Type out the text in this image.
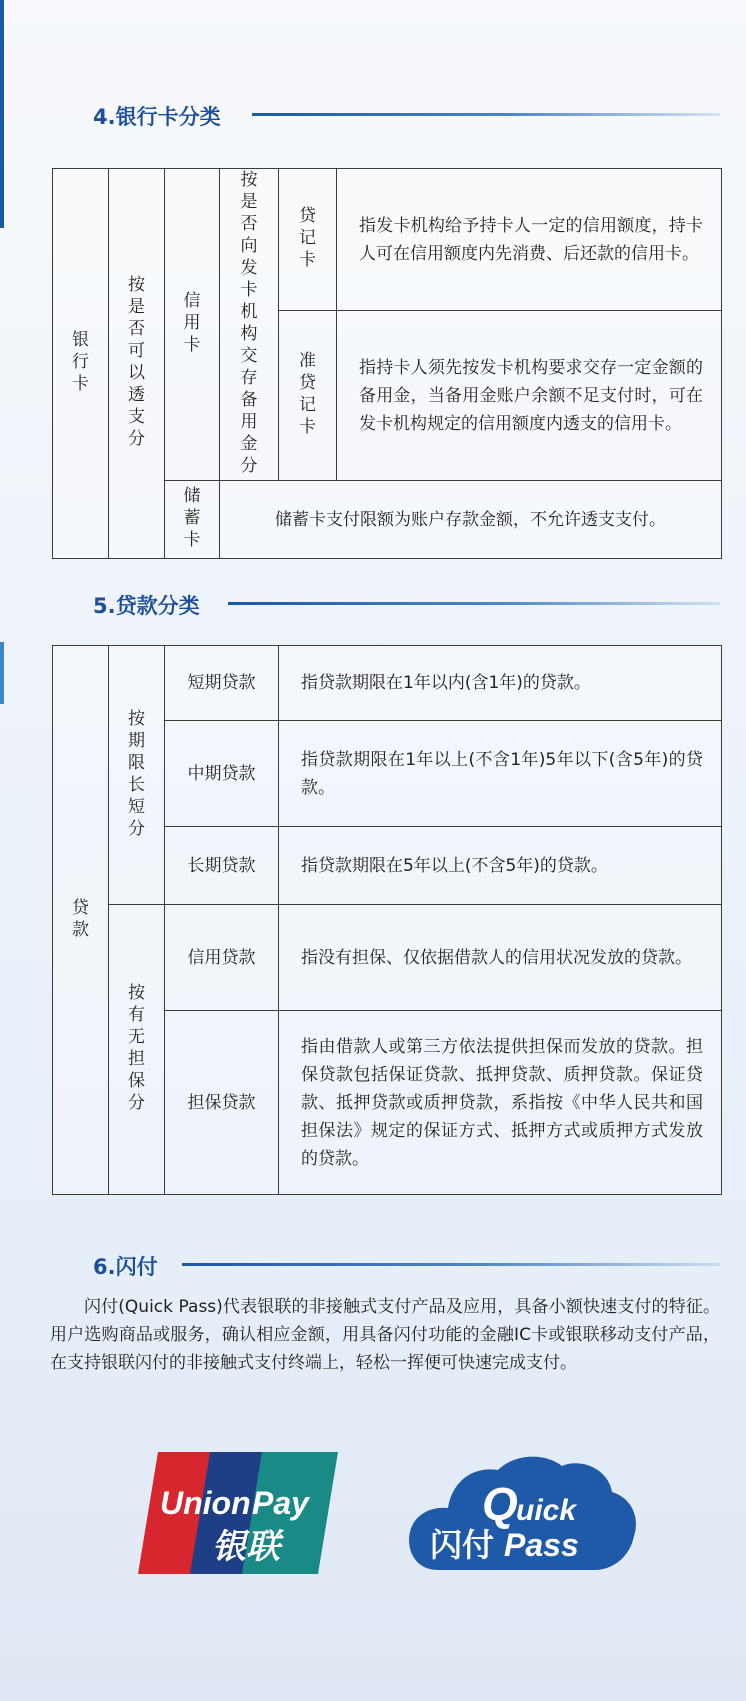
4.银行卡分类
银行卡	按是否可以透支分	信用卡	按是否向发卡机构交存备用金分	贷记卡	指发卡机构给予持卡人一定的信用额度，持卡人可在信用额度内先消费、后还款的信用卡。
				准贷记卡	指持卡人须先按发卡机构要求交存一定金额的备用金，当备用金账户余额不足支付时，可在发卡机构规定的信用额度内透支的信用卡。
		储蓄卡	储蓄卡支付限额为账户存款金额，不允许透支支付。		
5.贷款分类
贷款	按期限长短分	短期贷款	指贷款期限在1年以内(含1年)的贷款。
		中期贷款	指贷款期限在1年以上(不含1年)5年以下(含5年)的贷款。
		长期贷款	指贷款期限在5年以上(不含5年)的贷款。
	按有无担保分	信用贷款	指没有担保、仅依据借款人的信用状况发放的贷款。
		担保贷款	指由借款人或第三方依法提供担保而发放的贷款。担保贷款包括保证贷款、抵押贷款、质押贷款。保证贷款、抵押贷款或质押贷款，系指按《中华人民共和国担保法》规定的保证方式、抵押方式或质押方式发放的贷款。
6.闪付

闪付(Quick Pass)代表银联的非接触式支付产品及应用，具备小额快速支付的特征。用户选购商品或服务，确认相应金额，用具备闪付功能的金融IC卡或银联移动支付产品，在支持银联闪付的非接触式支付终端上，轻松一挥便可快速完成支付。

Union Pay
银联
Q
uick
闪付 Pass
